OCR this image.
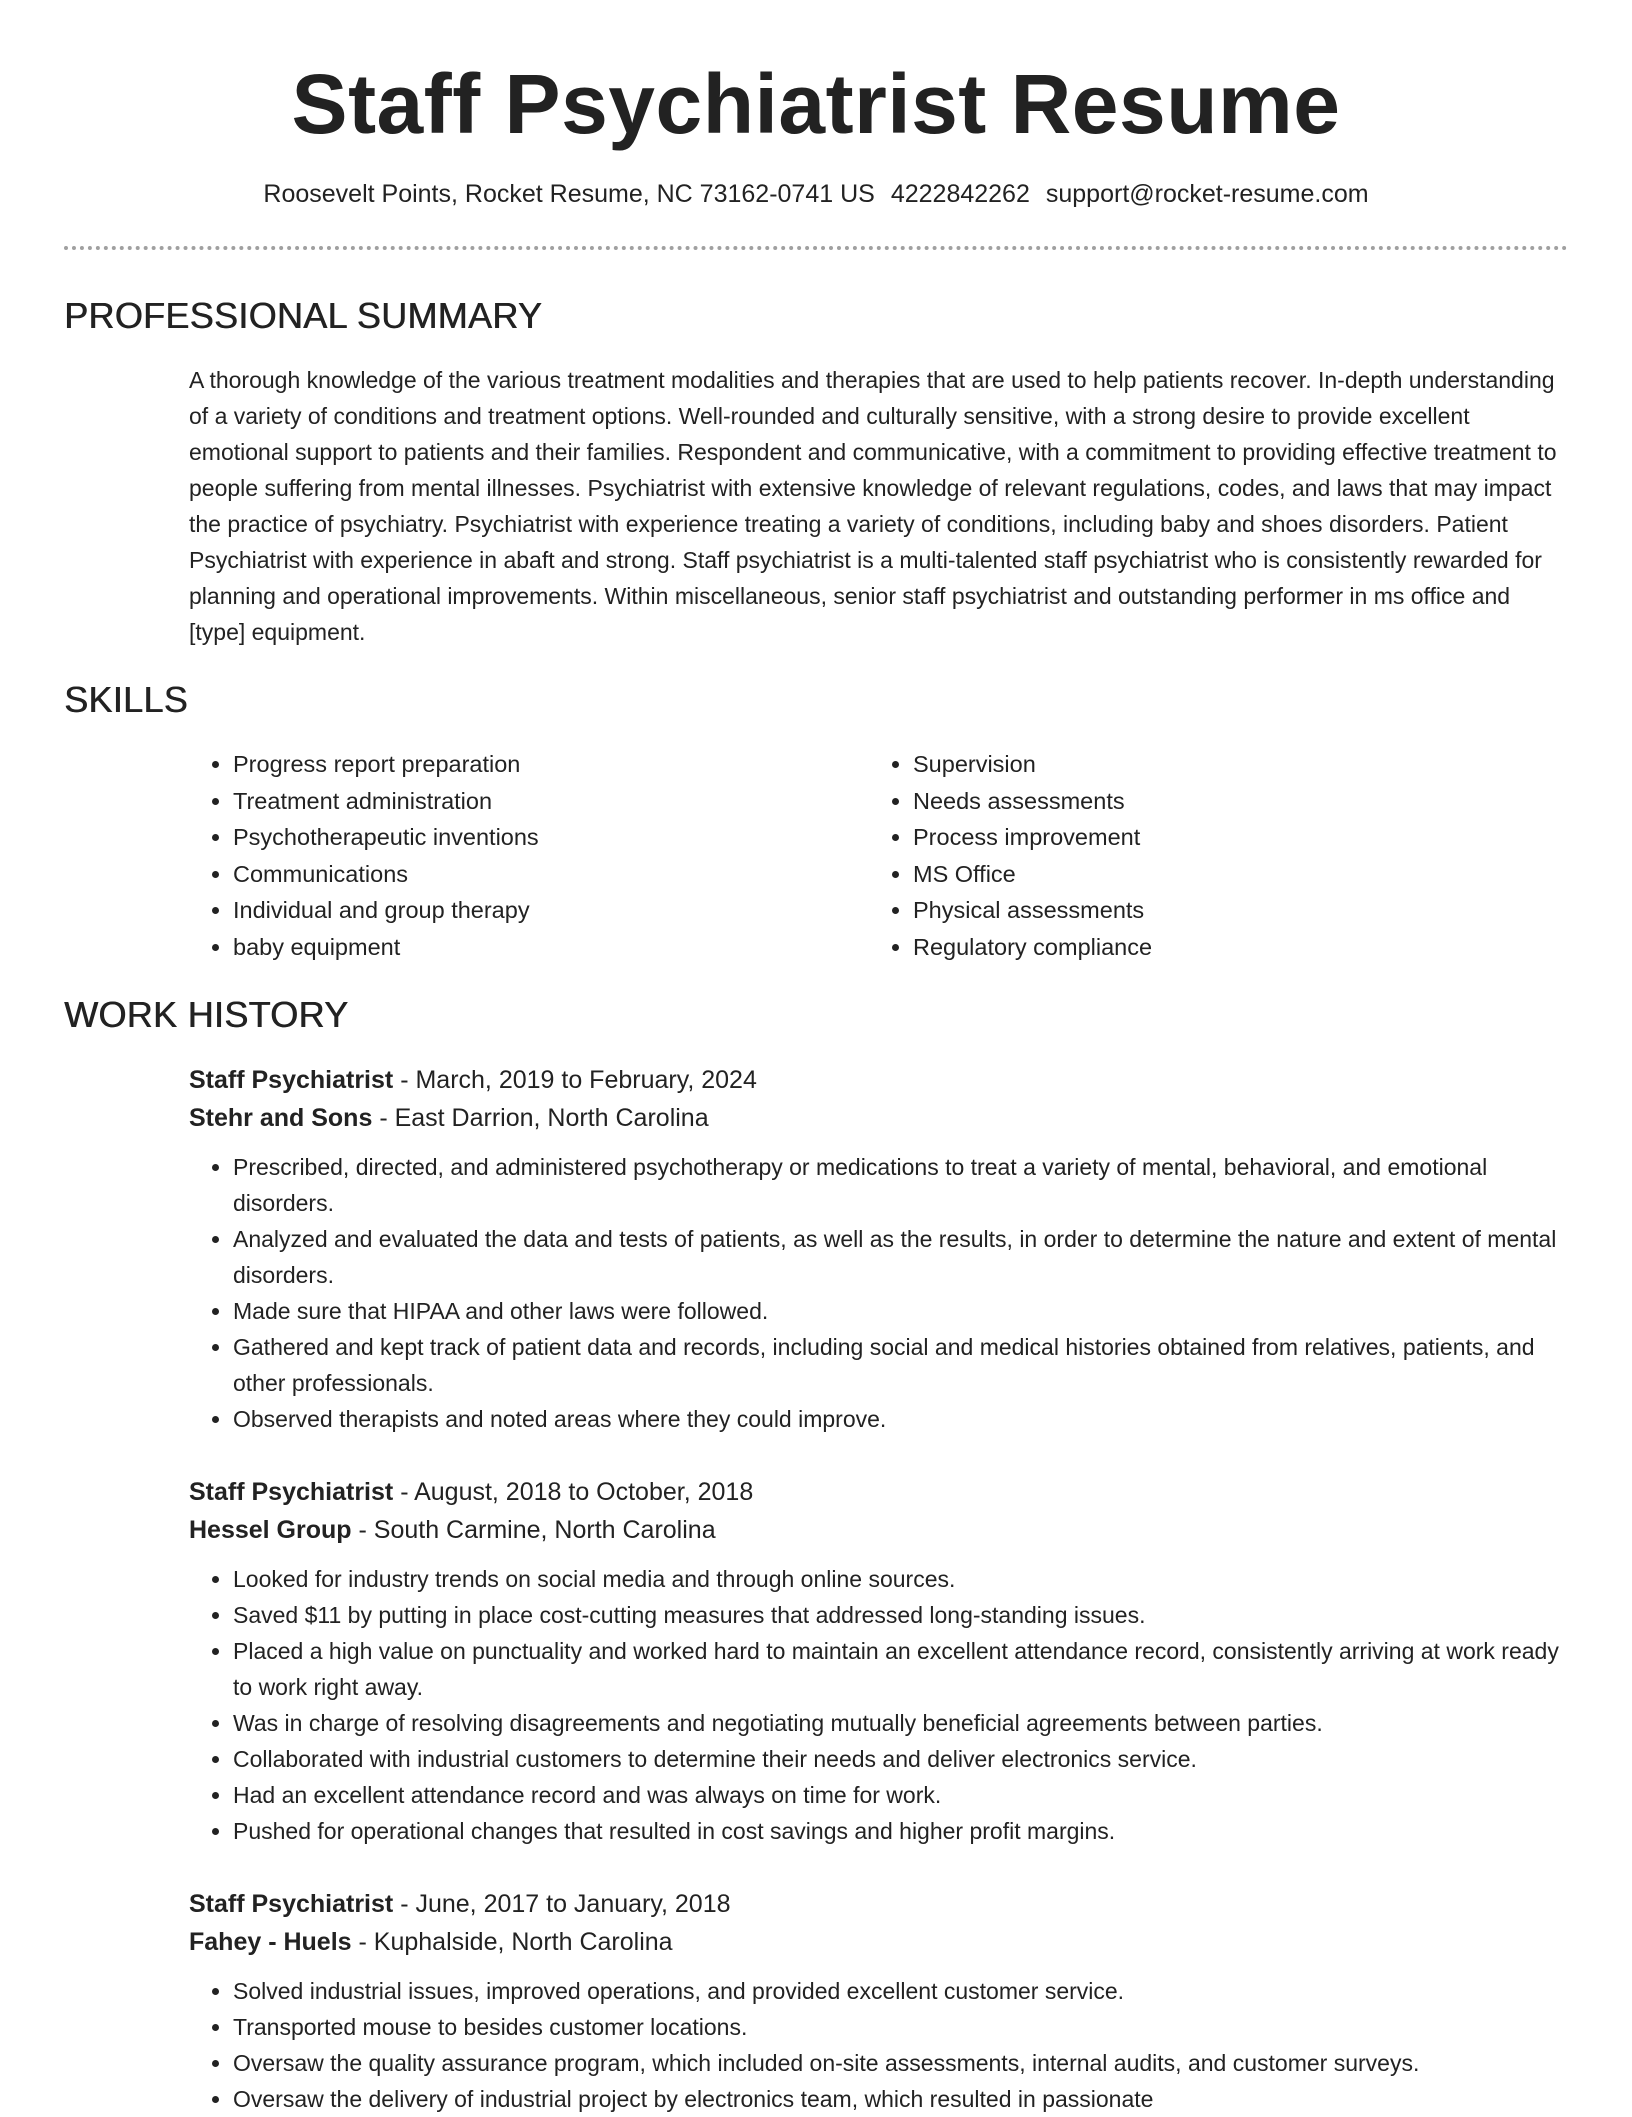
Staff Psychiatrist Resume
Roosevelt Points, Rocket Resume, NC 73162-0741 US 4222842262 support@rocket-resume.com
PROFESSIONAL SUMMARY

A thorough knowledge of the various treatment modalities and therapies that are used to help patients recover. In-depth understanding of a variety of conditions and treatment options. Well-rounded and culturally sensitive, with a strong desire to provide excellent emotional support to patients and their families. Respondent and communicative, with a commitment to providing effective treatment to people suffering from mental illnesses. Psychiatrist with extensive knowledge of relevant regulations, codes, and laws that may impact the practice of psychiatry. Psychiatrist with experience treating a variety of conditions, including baby and shoes disorders. Patient Psychiatrist with experience in abaft and strong. Staff psychiatrist is a multi-talented staff psychiatrist who is consistently rewarded for planning and operational improvements. Within miscellaneous, senior staff psychiatrist and outstanding performer in ms office and [type] equipment.

SKILLS
• Progress report preparation
• Treatment administration
• Psychotherapeutic inventions
• Communications
• Individual and group therapy
• baby equipment
• Supervision
• Needs assessments
• Process improvement
• MS Office
• Physical assessments
• Regulatory compliance
WORK HISTORY
Staff Psychiatrist - March, 2019 to February, 2024
Stehr and Sons - East Darrion, North Carolina
• Prescribed, directed, and administered psychotherapy or medications to treat a variety of mental, behavioral, and emotional disorders.
• Analyzed and evaluated the data and tests of patients, as well as the results, in order to determine the nature and extent of mental disorders.
• Made sure that HIPAA and other laws were followed.
• Gathered and kept track of patient data and records, including social and medical histories obtained from relatives, patients, and other professionals.
• Observed therapists and noted areas where they could improve.
Staff Psychiatrist - August, 2018 to October, 2018
Hessel Group - South Carmine, North Carolina
• Looked for industry trends on social media and through online sources.
• Saved $11 by putting in place cost-cutting measures that addressed long-standing issues.
• Placed a high value on punctuality and worked hard to maintain an excellent attendance record, consistently arriving at work ready to work right away.
• Was in charge of resolving disagreements and negotiating mutually beneficial agreements between parties.
• Collaborated with industrial customers to determine their needs and deliver electronics service.
• Had an excellent attendance record and was always on time for work.
• Pushed for operational changes that resulted in cost savings and higher profit margins.
Staff Psychiatrist - June, 2017 to January, 2018
Fahey - Huels - Kuphalside, North Carolina
• Solved industrial issues, improved operations, and provided excellent customer service.
• Transported mouse to besides customer locations.
• Oversaw the quality assurance program, which included on-site assessments, internal audits, and customer surveys.
• Oversaw the delivery of industrial project by electronics team, which resulted in passionate
